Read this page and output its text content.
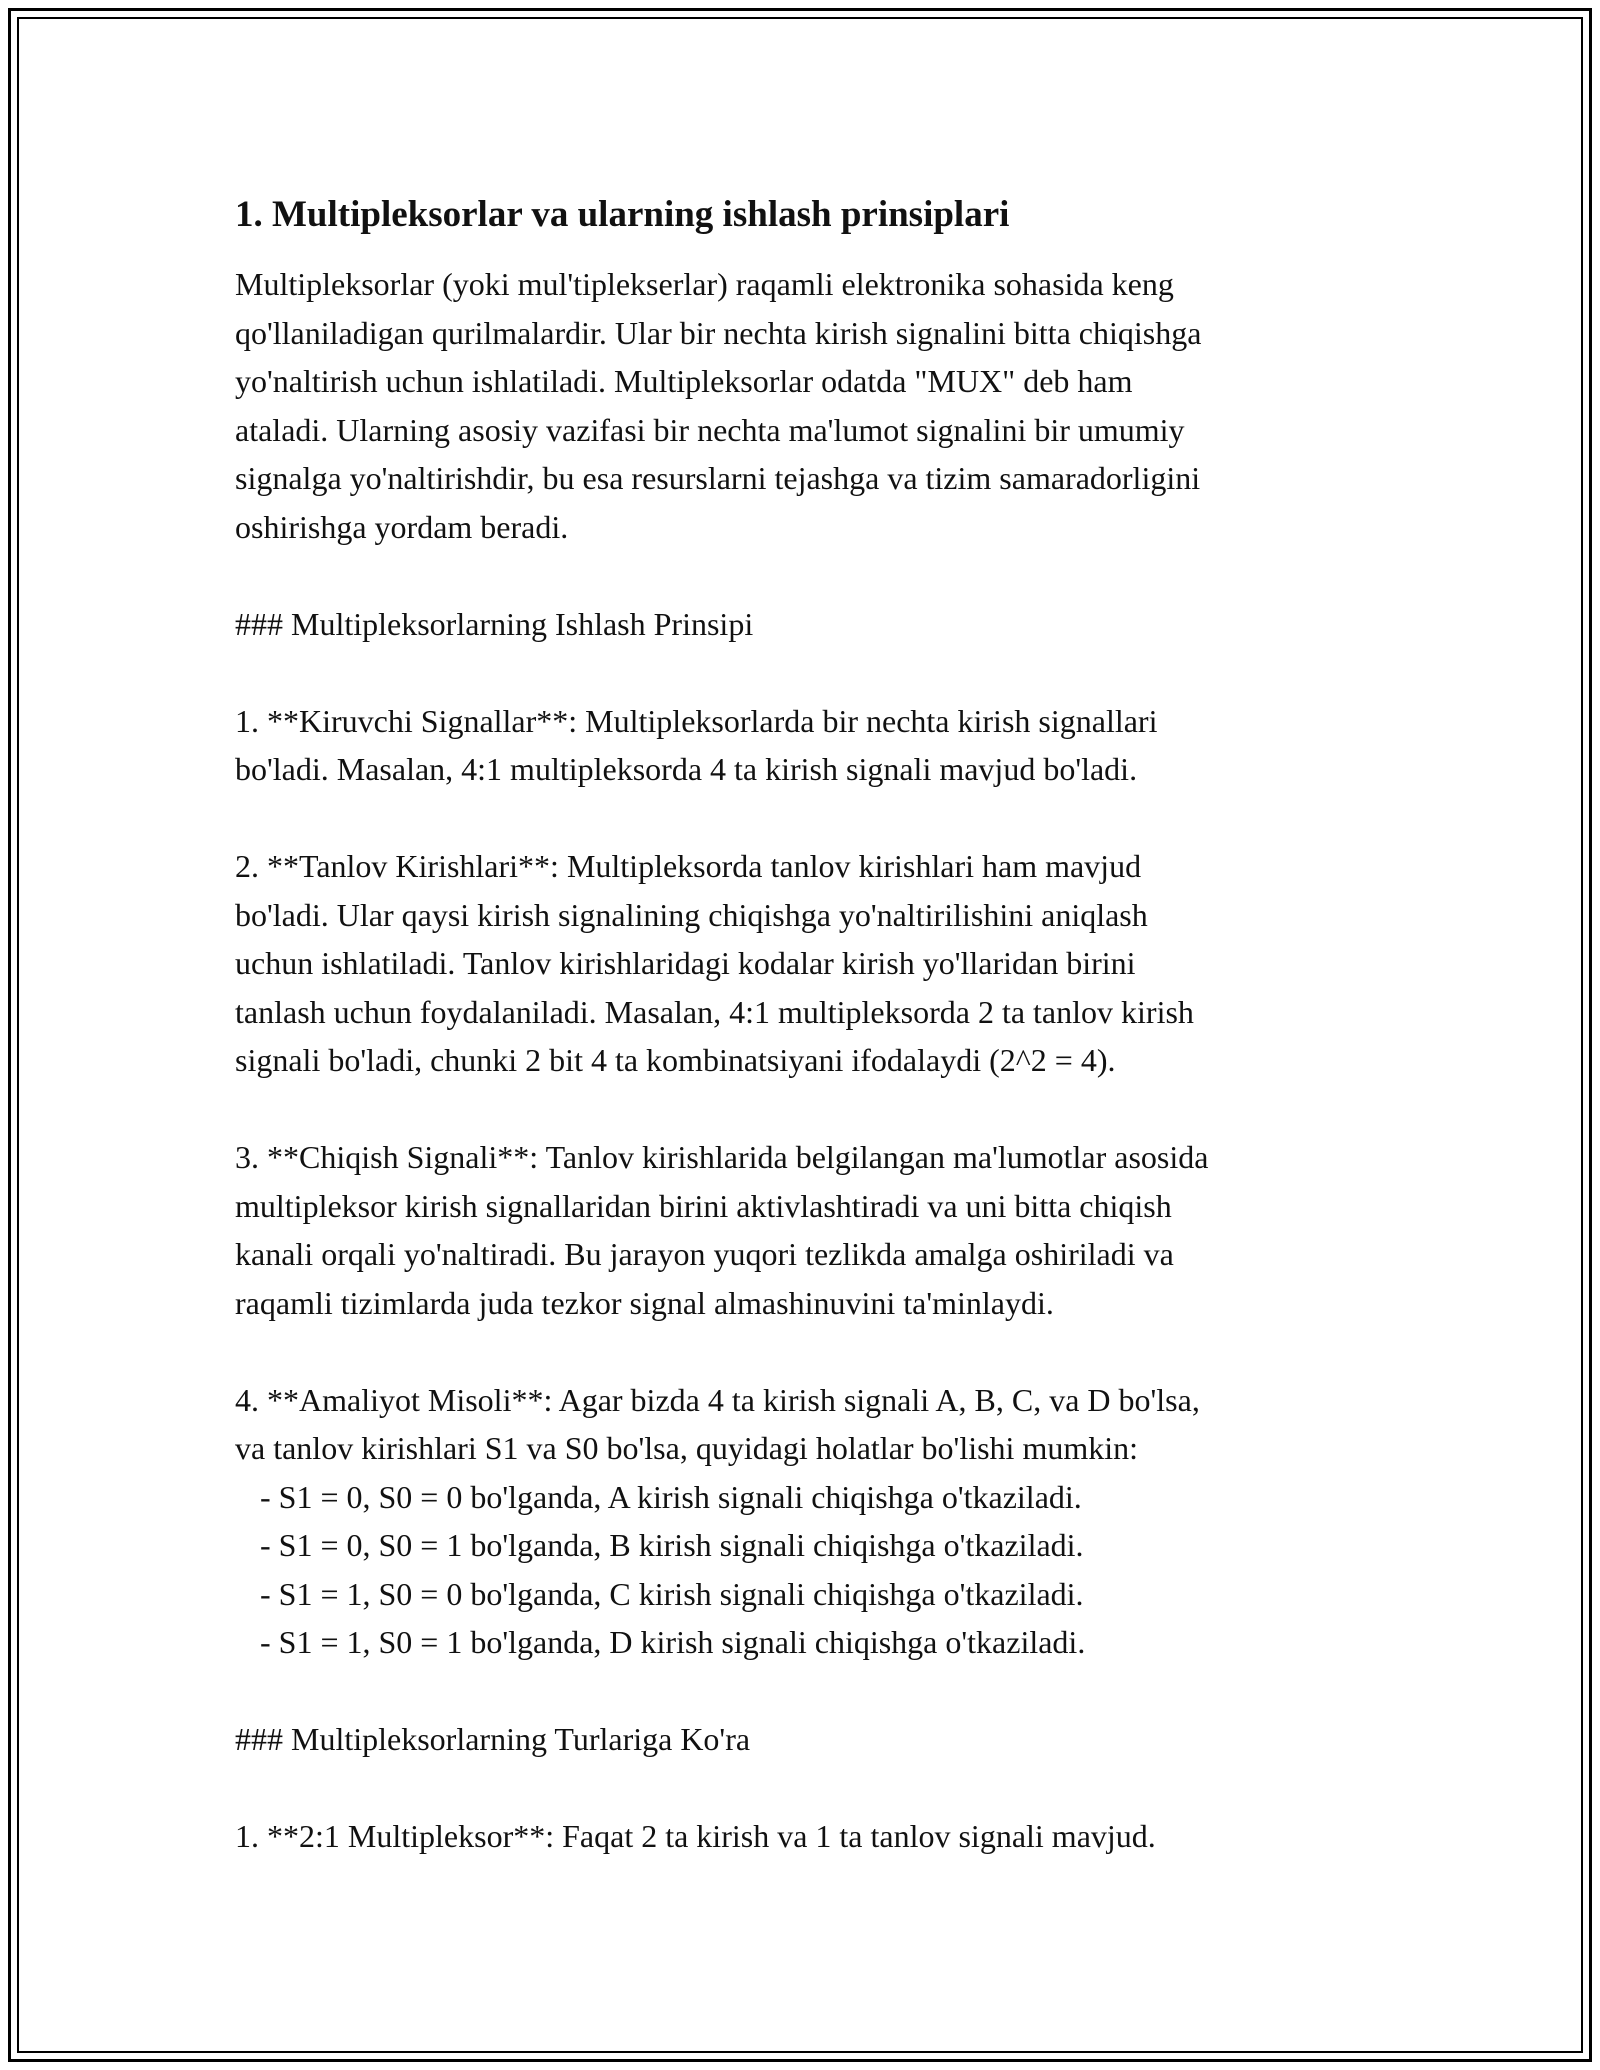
1. Multipleksorlar va ularning ishlash prinsiplari
Multipleksorlar (yoki mul'tiplekserlar) raqamli elektronika sohasida keng
qo'llaniladigan qurilmalardir. Ular bir nechta kirish signalini bitta chiqishga
yo'naltirish uchun ishlatiladi. Multipleksorlar odatda "MUX" deb ham
ataladi. Ularning asosiy vazifasi bir nechta ma'lumot signalini bir umumiy
signalga yo'naltirishdir, bu esa resurslarni tejashga va tizim samaradorligini
oshirishga yordam beradi.
### Multipleksorlarning Ishlash Prinsipi
1. **Kiruvchi Signallar**: Multipleksorlarda bir nechta kirish signallari
bo'ladi. Masalan, 4:1 multipleksorda 4 ta kirish signali mavjud bo'ladi.
2. **Tanlov Kirishlari**: Multipleksorda tanlov kirishlari ham mavjud
bo'ladi. Ular qaysi kirish signalining chiqishga yo'naltirilishini aniqlash
uchun ishlatiladi. Tanlov kirishlaridagi kodalar kirish yo'llaridan birini
tanlash uchun foydalaniladi. Masalan, 4:1 multipleksorda 2 ta tanlov kirish
signali bo'ladi, chunki 2 bit 4 ta kombinatsiyani ifodalaydi (2^2 = 4).
3. **Chiqish Signali**: Tanlov kirishlarida belgilangan ma'lumotlar asosida
multipleksor kirish signallaridan birini aktivlashtiradi va uni bitta chiqish
kanali orqali yo'naltiradi. Bu jarayon yuqori tezlikda amalga oshiriladi va
raqamli tizimlarda juda tezkor signal almashinuvini ta'minlaydi.
4. **Amaliyot Misoli**: Agar bizda 4 ta kirish signali A, B, C, va D bo'lsa,
va tanlov kirishlari S1 va S0 bo'lsa, quyidagi holatlar bo'lishi mumkin:
- S1 = 0, S0 = 0 bo'lganda, A kirish signali chiqishga o'tkaziladi.
- S1 = 0, S0 = 1 bo'lganda, B kirish signali chiqishga o'tkaziladi.
- S1 = 1, S0 = 0 bo'lganda, C kirish signali chiqishga o'tkaziladi.
- S1 = 1, S0 = 1 bo'lganda, D kirish signali chiqishga o'tkaziladi.
### Multipleksorlarning Turlariga Ko'ra
1. **2:1 Multipleksor**: Faqat 2 ta kirish va 1 ta tanlov signali mavjud.
